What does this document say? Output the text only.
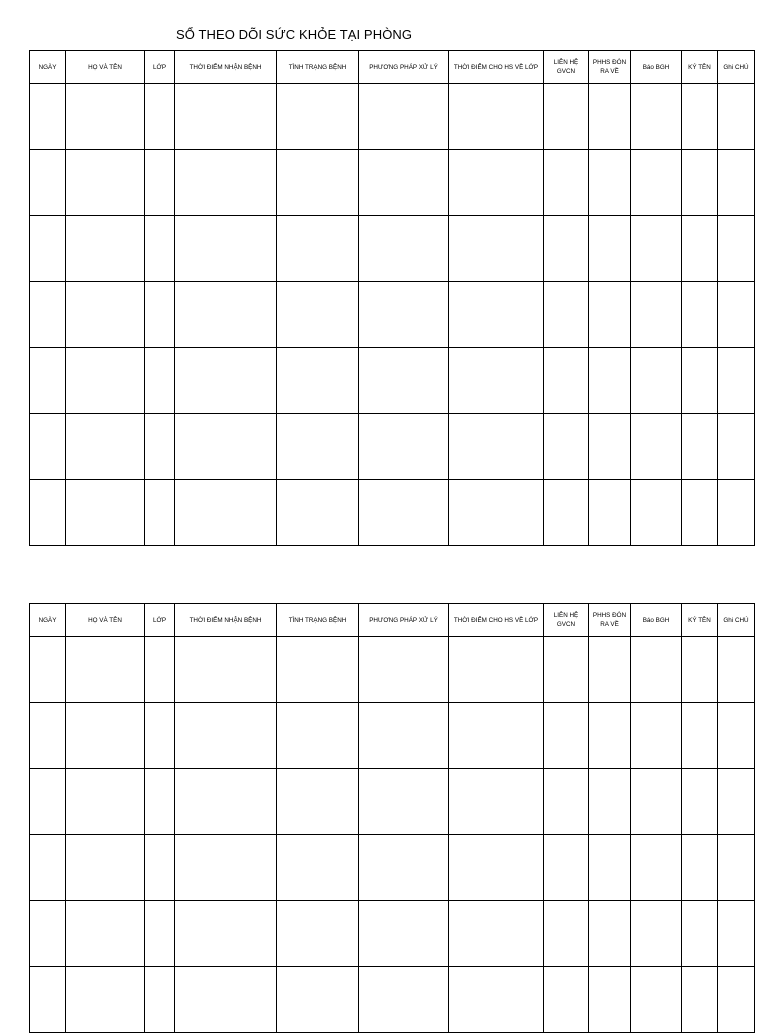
SỔ THEO DÕI SỨC KHỎE TẠI PHÒNG
NGÀY	HỌ VÀ TÊN	LỚP	THỜI ĐIỂM NHẬN BỆNH	TÌNH TRẠNG BỆNH	PHƯƠNG PHÁP XỬ LÝ	THỜI ĐIỂM CHO HS VỀ LỚP	LIÊN HỆ GVCN	PHHS ĐÓN RA VỀ	Báo BGH	KÝ TÊN	Ghi CHÚ

NGÀY	HỌ VÀ TÊN	LỚP	THỜI ĐIỂM NHẬN BỆNH	TÌNH TRẠNG BỆNH	PHƯƠNG PHÁP XỬ LÝ	THỜI ĐIỂM CHO HS VỀ LỚP	LIÊN HỆ GVCN	PHHS ĐÓN RA VỀ	Báo BGH	KÝ TÊN	Ghi CHÚ
